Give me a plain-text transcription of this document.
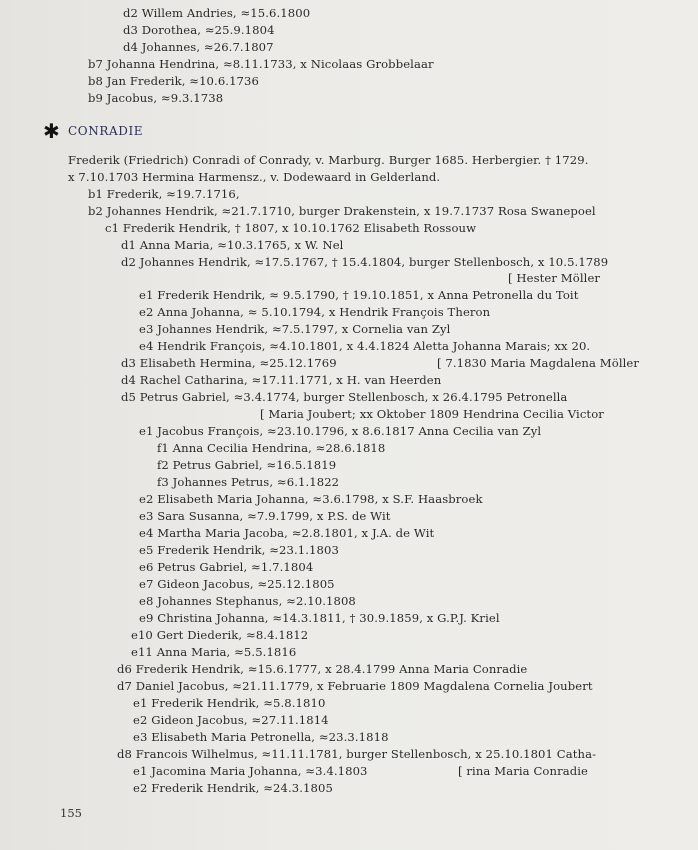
d2 Willem Andries, ≈15.6.1800
d3 Dorothea, ≈25.9.1804
d4 Johannes, ≈26.7.1807
b7 Johanna Hendrina, ≈8.11.1733, x Nicolaas Grobbelaar
b8 Jan Frederik, ≈10.6.1736
b9 Jacobus, ≈9.3.1738
✱ CONRADIE
Frederik (Friedrich) Conradi of Conrady, v. Marburg. Burger 1685. Herbergier. † 1729.
x 7.10.1703 Hermina Harmensz., v. Dodewaard in Gelderland.
b1 Frederik, ≈19.7.1716,
b2 Johannes Hendrik, ≈21.7.1710, burger Drakenstein, x 19.7.1737 Rosa Swanepoel
c1 Frederik Hendrik, † 1807, x 10.10.1762 Elisabeth Rossouw
d1 Anna Maria, ≈10.3.1765, x W. Nel
d2 Johannes Hendrik, ≈17.5.1767, † 15.4.1804, burger Stellenbosch, x 10.5.1789
[ Hester Möller
e1 Frederik Hendrik, ≈ 9.5.1790, † 19.10.1851, x Anna Petronella du Toit
e2 Anna Johanna, ≈ 5.10.1794, x Hendrik François Theron
e3 Johannes Hendrik, ≈7.5.1797, x Cornelia van Zyl
e4 Hendrik François, ≈4.10.1801, x 4.4.1824 Aletta Johanna Marais; xx 20.
d3 Elisabeth Hermina, ≈25.12.1769	[ 7.1830 Maria Magdalena Möller
d4 Rachel Catharina, ≈17.11.1771, x H. van Heerden
d5 Petrus Gabriel, ≈3.4.1774, burger Stellenbosch, x 26.4.1795 Petronella
[ Maria Joubert; xx Oktober 1809 Hendrina Cecilia Victor
e1 Jacobus François, ≈23.10.1796, x 8.6.1817 Anna Cecilia van Zyl
f1 Anna Cecilia Hendrina, ≈28.6.1818
f2 Petrus Gabriel, ≈16.5.1819
f3 Johannes Petrus, ≈6.1.1822
e2 Elisabeth Maria Johanna, ≈3.6.1798, x S.F. Haasbroek
e3 Sara Susanna, ≈7.9.1799, x P.S. de Wit
e4 Martha Maria Jacoba, ≈2.8.1801, x J.A. de Wit
e5 Frederik Hendrik, ≈23.1.1803
e6 Petrus Gabriel, ≈1.7.1804
e7 Gideon Jacobus, ≈25.12.1805
e8 Johannes Stephanus, ≈2.10.1808
e9 Christina Johanna, ≈14.3.1811, † 30.9.1859, x G.P.J. Kriel
e10 Gert Diederik, ≈8.4.1812
e11 Anna Maria, ≈5.5.1816
d6 Frederik Hendrik, ≈15.6.1777, x 28.4.1799 Anna Maria Conradie
d7 Daniel Jacobus, ≈21.11.1779, x Februarie 1809 Magdalena Cornelia Joubert
e1 Frederik Hendrik, ≈5.8.1810
e2 Gideon Jacobus, ≈27.11.1814
e3 Elisabeth Maria Petronella, ≈23.3.1818
d8 Francois Wilhelmus, ≈11.11.1781, burger Stellenbosch, x 25.10.1801 Catha-
e1 Jacomina Maria Johanna, ≈3.4.1803	[ rina Maria Conradie
e2 Frederik Hendrik, ≈24.3.1805
155
